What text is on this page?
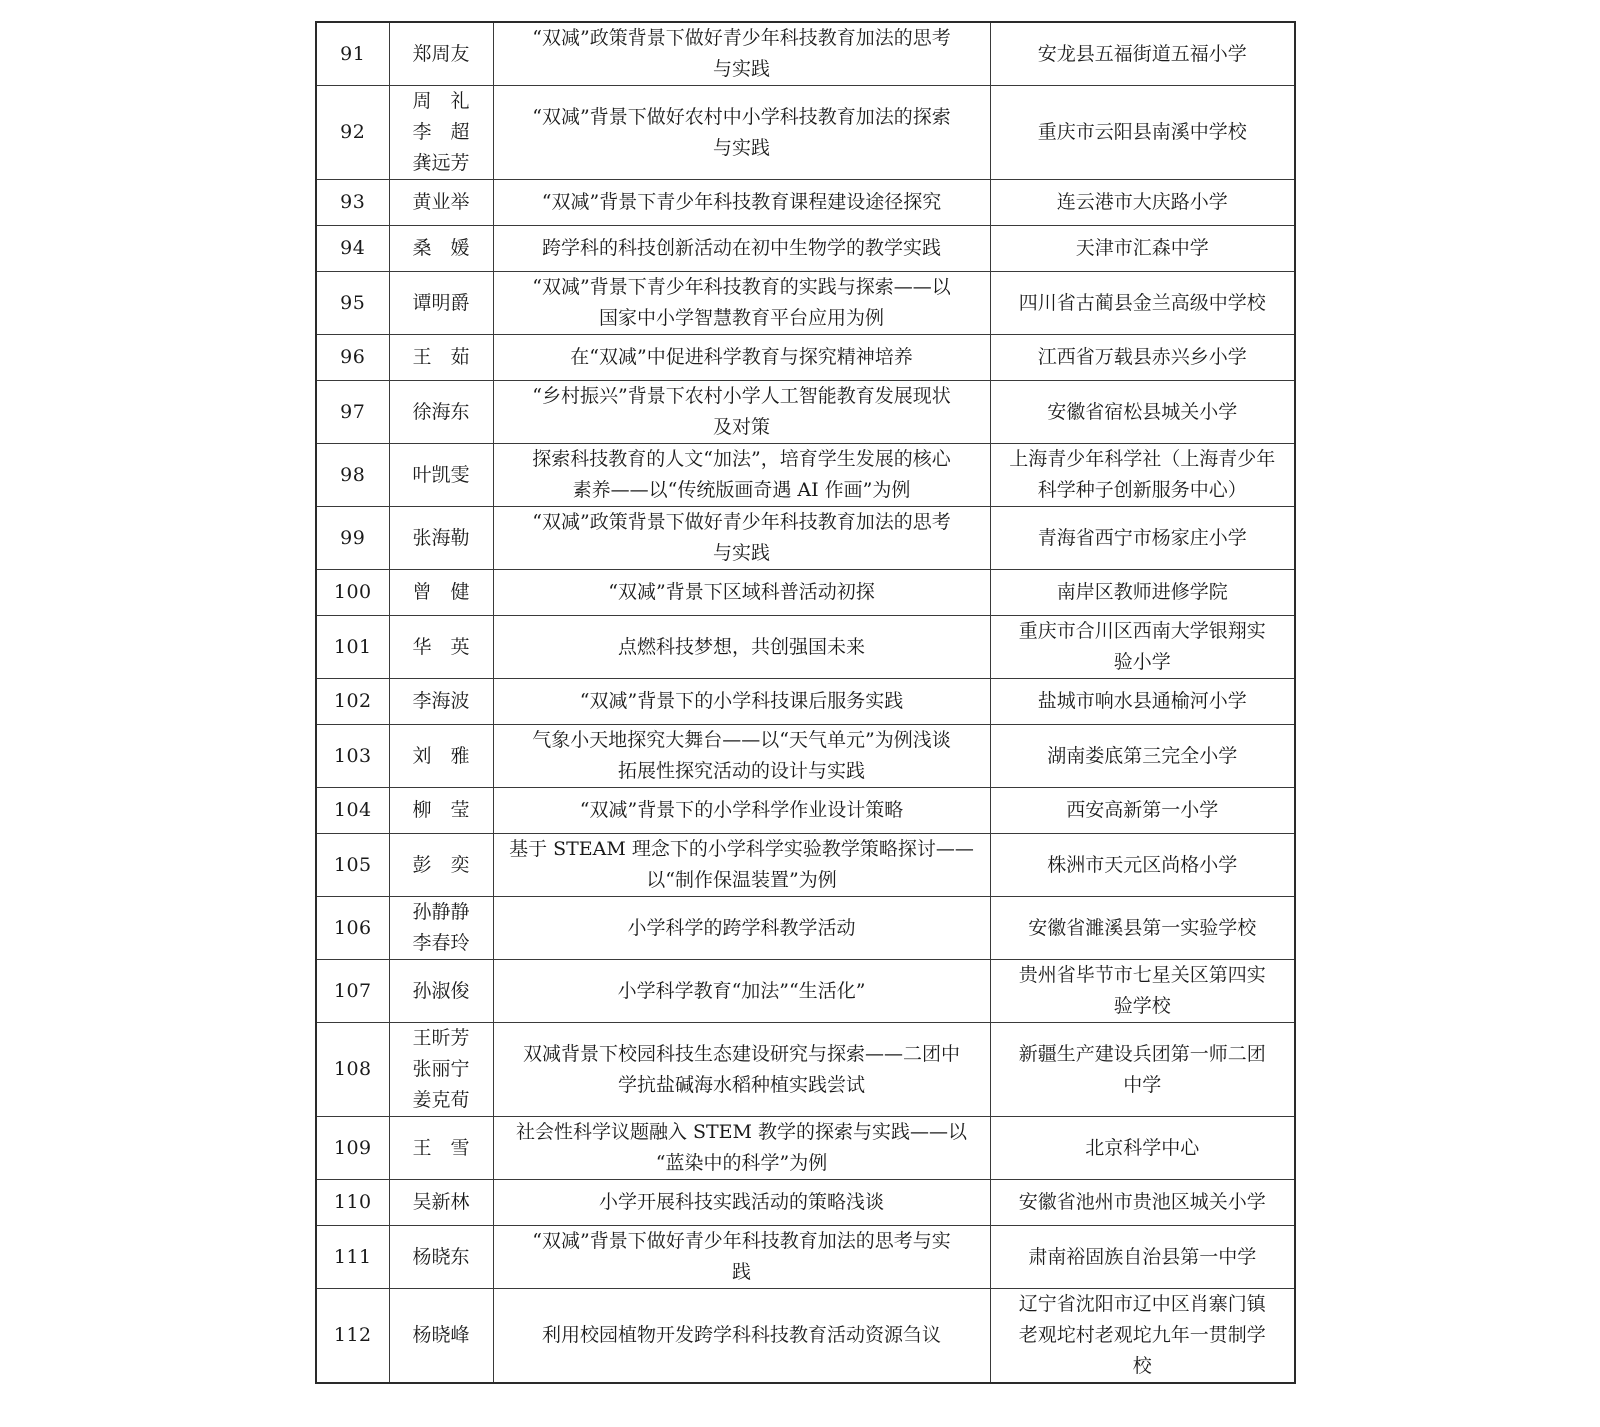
91	郑周友	“双减”政策背景下做好青少年科技教育加法的思考
与实践	安龙县五福街道五福小学

92	周　礼
李　超
龚远芳	“双减”背景下做好农村中小学科技教育加法的探索
与实践	重庆市云阳县南溪中学校

93	黄业举	“双减”背景下青少年科技教育课程建设途径探究	连云港市大庆路小学

94	桑　媛	跨学科的科技创新活动在初中生物学的教学实践	天津市汇森中学

95	谭明爵	“双减”背景下青少年科技教育的实践与探索——以
国家中小学智慧教育平台应用为例	四川省古蔺县金兰高级中学校

96	王　茹	在“双减”中促进科学教育与探究精神培养	江西省万载县赤兴乡小学

97	徐海东	“乡村振兴”背景下农村小学人工智能教育发展现状
及对策	安徽省宿松县城关小学

98	叶凯雯	探索科技教育的人文“加法”，培育学生发展的核心
素养——以“传统版画奇遇 AI 作画”为例	上海青少年科学社（上海青少年
科学种子创新服务中心）

99	张海勒	“双减”政策背景下做好青少年科技教育加法的思考
与实践	青海省西宁市杨家庄小学

100	曾　健	“双减”背景下区域科普活动初探	南岸区教师进修学院

101	华　英	点燃科技梦想，共创强国未来	重庆市合川区西南大学银翔实
验小学

102	李海波	“双减”背景下的小学科技课后服务实践	盐城市响水县通榆河小学

103	刘　雅	气象小天地探究大舞台——以“天气单元”为例浅谈
拓展性探究活动的设计与实践	湖南娄底第三完全小学

104	柳　莹	“双减”背景下的小学科学作业设计策略	西安高新第一小学

105	彭　奕	基于 STEAM 理念下的小学科学实验教学策略探讨——
以“制作保温装置”为例	株洲市天元区尚格小学

106	孙静静
李春玲	小学科学的跨学科教学活动	安徽省濉溪县第一实验学校

107	孙淑俊	小学科学教育“加法”“生活化”	贵州省毕节市七星关区第四实
验学校

108	王昕芳
张丽宁
姜克荀	双减背景下校园科技生态建设研究与探索——二团中
学抗盐碱海水稻种植实践尝试	新疆生产建设兵团第一师二团
中学

109	王　雪	社会性科学议题融入 STEM 教学的探索与实践——以
“蓝染中的科学”为例	北京科学中心

110	吴新林	小学开展科技实践活动的策略浅谈	安徽省池州市贵池区城关小学

111	杨晓东	“双减”背景下做好青少年科技教育加法的思考与实
践	肃南裕固族自治县第一中学

112	杨晓峰	利用校园植物开发跨学科科技教育活动资源刍议	辽宁省沈阳市辽中区肖寨门镇
老观坨村老观坨九年一贯制学
校
